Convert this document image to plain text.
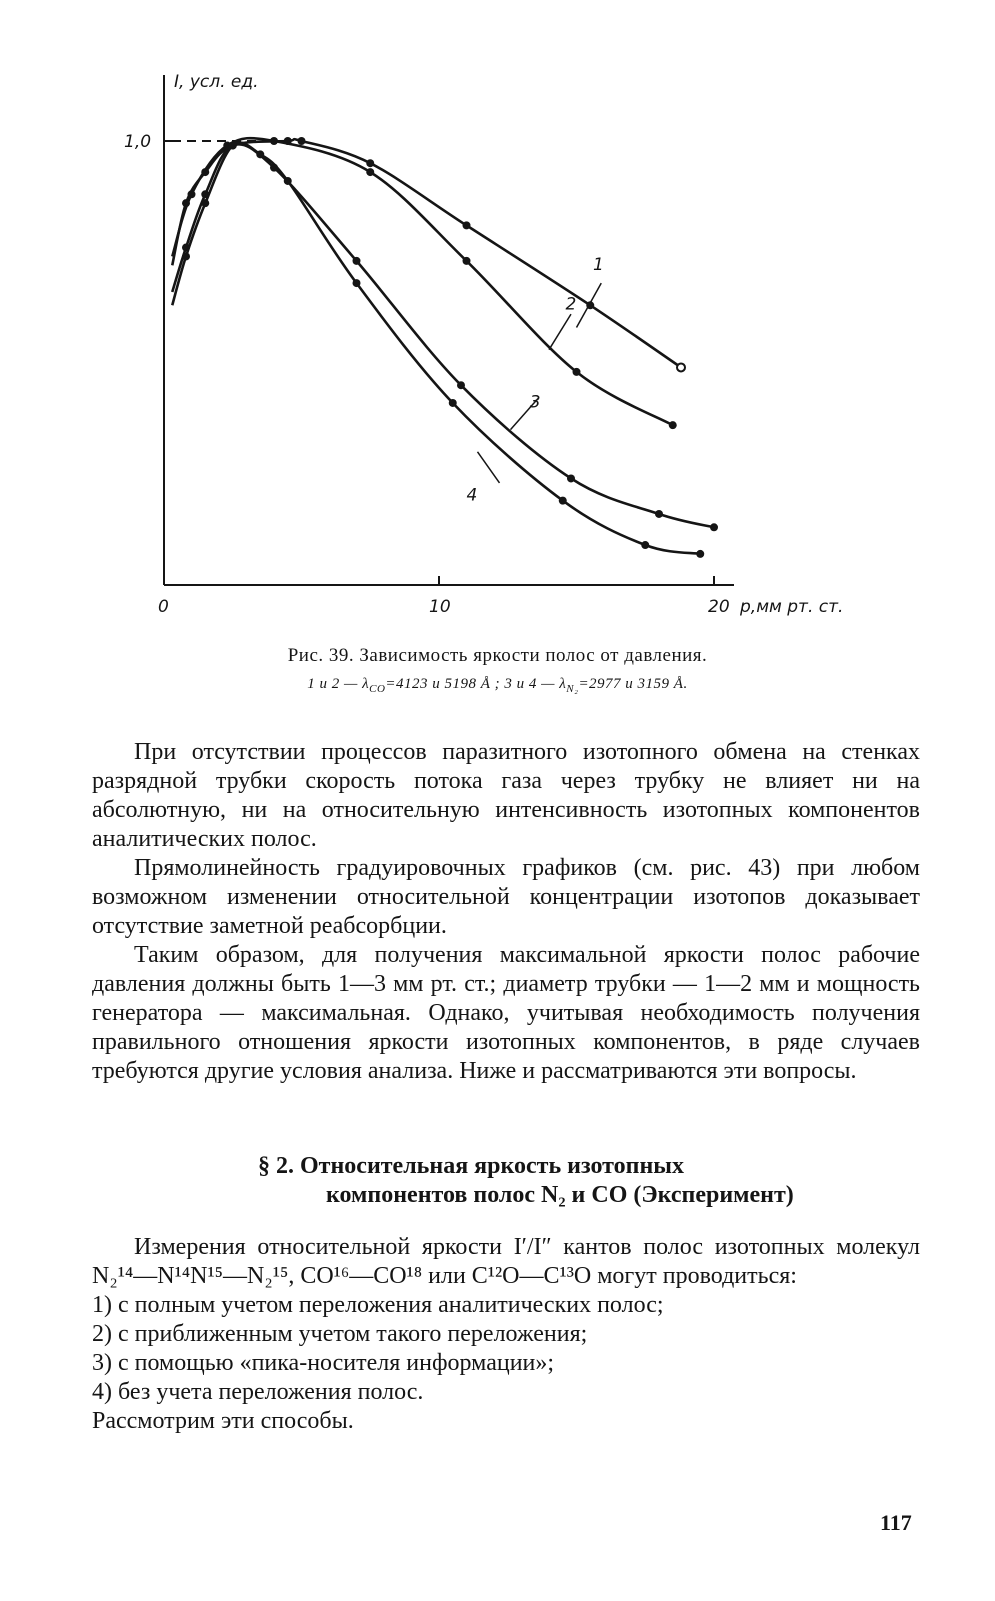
I, усл. ед.
1,0
0	10	20 p,мм рт. ст.
1
2
3
4
Рис. 39. Зависимость яркости полос от давления.
1 и 2 — $\lambda_{CO}=4123$ и 5198 Å ; 3 и 4 — $\lambda_{N_2}=2977$ и 3159 Å.

При отсутствии процессов паразитного изотопного обмена на стенках разрядной трубки скорость потока газа через трубку не влияет ни на абсолютную, ни на относительную интенсивность изотопных компонентов аналитических полос.

Прямолинейность градуировочных графиков (см. рис. 43) при любом возможном изменении относительной концентрации изотопов доказывает отсутствие заметной реабсорбции.

Таким образом, для получения максимальной яркости полос рабочие давления должны быть 1—3 мм рт. ст.; диаметр трубки — 1—2 мм и мощность генератора — максимальная. Однако, учитывая необходимость получения правильного отношения яркости изотопных компонентов, в ряде случаев требуются другие условия анализа. Ниже и рассматриваются эти вопросы.

§ 2. Относительная яркость изотопных
компонентов полос N₂ и CO (Эксперимент)

Измерения относительной яркости I′/I″ кантов полос изотопных молекул N₂¹⁴—N¹⁴N¹⁵—N₂¹⁵, CO¹⁶—CO¹⁸ или C¹²O—C¹³O могут проводиться:

1) с полным учетом переложения аналитических полос;
2) с приближенным учетом такого переложения;
3) с помощью «пика-носителя информации»;
4) без учета переложения полос.

Рассмотрим эти способы.

117
